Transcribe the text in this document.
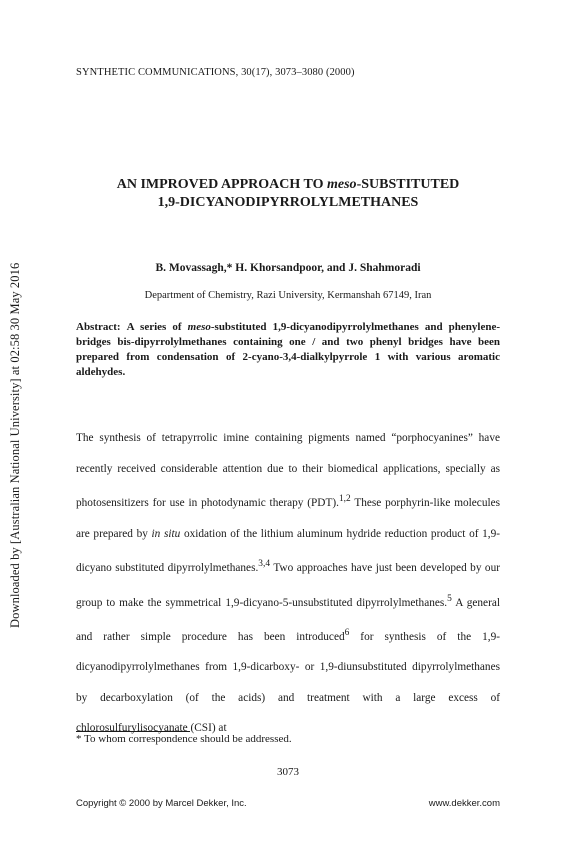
Downloaded by [Australian National University] at 02:58 30 May 2016
SYNTHETIC COMMUNICATIONS, 30(17), 3073–3080 (2000)
AN IMPROVED APPROACH TO meso-SUBSTITUTED
1,9-DICYANODIPYRROLYLMETHANES
B. Movassagh,* H. Khorsandpoor, and J. Shahmoradi
Department of Chemistry, Razi University, Kermanshah 67149, Iran
Abstract: A series of meso-substituted 1,9-dicyanodipyrrolylmethanes and phenylene-bridges bis-dipyrrolylmethanes containing one / and two phenyl bridges have been prepared from condensation of 2-cyano-3,4-dialkylpyrrole 1 with various aromatic aldehydes.

The synthesis of tetrapyrrolic imine containing pigments named “porphocyanines” have recently received considerable attention due to their biomedical applications, specially as photosensitizers for use in photodynamic therapy (PDT).$^{1,2}$ These porphyrin-like molecules are prepared by in situ oxidation of the lithium aluminum hydride reduction product of 1,9-dicyano substituted dipyrrolylmethanes.$^{3,4}$ Two approaches have just been developed by our group to make the symmetrical 1,9-dicyano-5-unsubstituted dipyrrolylmethanes.$^5$ A general and rather simple procedure has been introduced$^6$ for synthesis of the 1,9-dicyanodipyrrolylmethanes from 1,9-dicarboxy- or 1,9-diunsubstituted dipyrrolylmethanes by decarboxylation (of the acids) and treatment with a large excess of chlorosulfurylisocyanate (CSI) at

* To whom correspondence should be addressed.
3073
Copyright © 2000 by Marcel Dekker, Inc.	www.dekker.com
